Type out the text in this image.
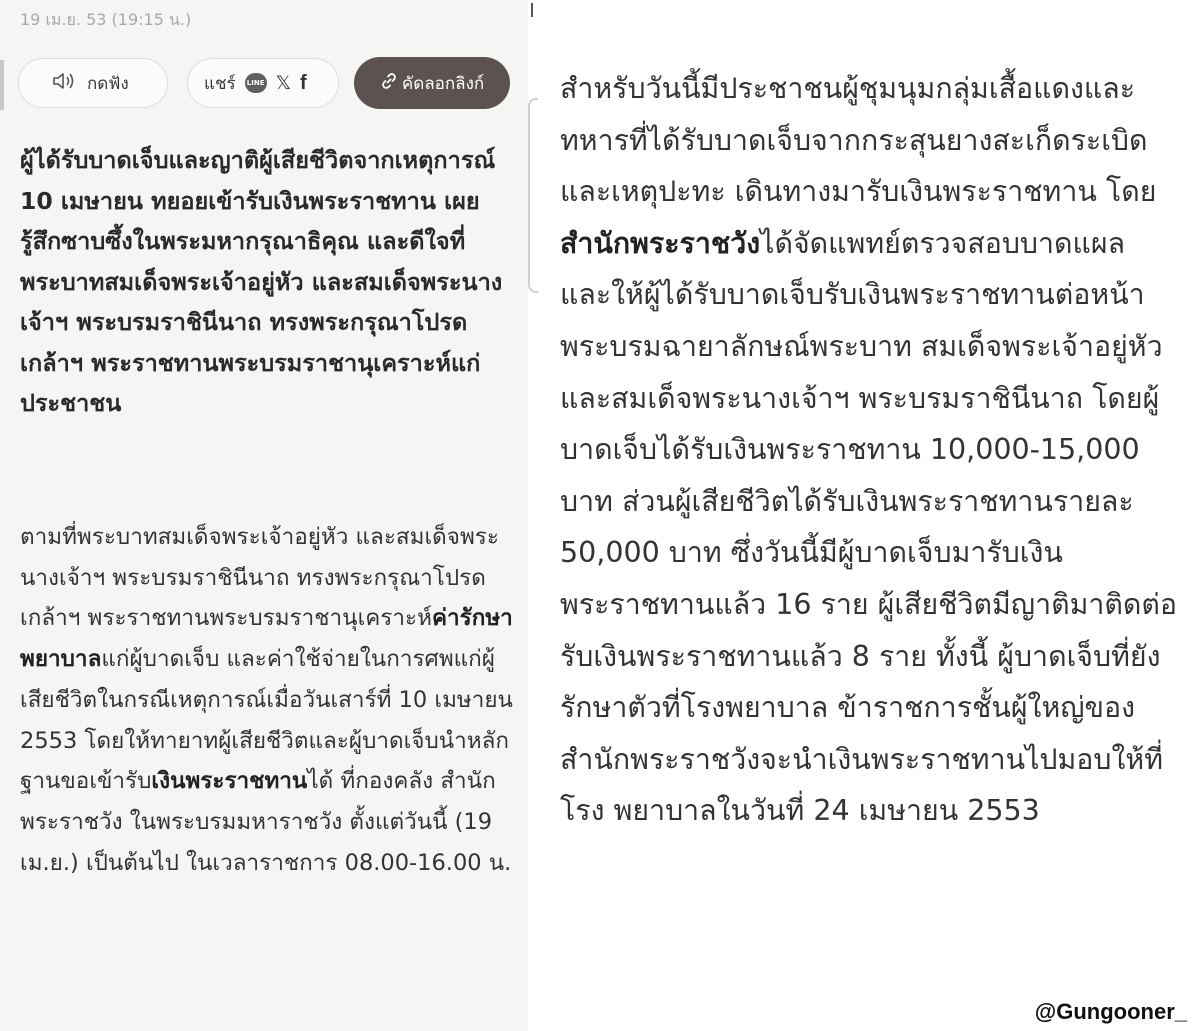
19 เม.ย. 53 (19:15 น.)
กดฟัง	แชร์	LINE 𝕏 f	คัดลอกลิงก์

ผู้ได้รับบาดเจ็บและญาติผู้เสียชีวิตจากเหตุการณ์ 10 เมษายน ทยอยเข้ารับเงินพระราชทาน เผยรู้สึกซาบซึ้งในพระมหากรุณาธิคุณ และดีใจที่พระบาทสมเด็จพระเจ้าอยู่หัว และสมเด็จพระนางเจ้าฯ พระบรมราชินีนาถ ทรงพระกรุณาโปรดเกล้าฯ พระราชทานพระบรมราชานุเคราะห์แก่ประชาชน

ตามที่พระบาทสมเด็จพระเจ้าอยู่หัว และสมเด็จพระนางเจ้าฯ พระบรมราชินีนาถ ทรงพระกรุณาโปรดเกล้าฯ พระราชทานพระบรมราชานุเคราะห์ค่ารักษาพยาบาลแก่ผู้บาดเจ็บ และค่าใช้จ่ายในการศพแก่ผู้เสียชีวิตในกรณีเหตุการณ์เมื่อวันเสาร์ที่ 10 เมษายน 2553 โดยให้ทายาทผู้เสียชีวิตและผู้บาดเจ็บนำหลักฐานขอเข้ารับเงินพระราชทานได้ ที่กองคลัง สำนักพระราชวัง ในพระบรมมหาราชวัง ตั้งแต่วันนี้ (19 เม.ย.) เป็นต้นไป ในเวลาราชการ 08.00-16.00 น.

สำหรับวันนี้มีประชาชนผู้ชุมนุมกลุ่มเสื้อแดงและทหารที่ได้รับบาดเจ็บจากกระสุนยางสะเก็ดระเบิด และเหตุปะทะ เดินทางมารับเงินพระราชทาน โดยสำนักพระราชวังได้จัดแพทย์ตรวจสอบบาดแผล และให้ผู้ได้รับบาดเจ็บรับเงินพระราชทานต่อหน้าพระบรมฉายาลักษณ์พระบาท สมเด็จพระเจ้าอยู่หัว และสมเด็จพระนางเจ้าฯ พระบรมราชินีนาถ โดยผู้บาดเจ็บได้รับเงินพระราชทาน 10,000-15,000 บาท ส่วนผู้เสียชีวิตได้รับเงินพระราชทานรายละ 50,000 บาท ซึ่งวันนี้มีผู้บาดเจ็บมารับเงินพระราชทานแล้ว 16 ราย ผู้เสียชีวิตมีญาติมาติดต่อรับเงินพระราชทานแล้ว 8 ราย ทั้งนี้ ผู้บาดเจ็บที่ยังรักษาตัวที่โรงพยาบาล ข้าราชการชั้นผู้ใหญ่ของสำนักพระราชวังจะนำเงินพระราชทานไปมอบให้ที่โรง พยาบาลในวันที่ 24 เมษายน 2553

@Gungooner_
